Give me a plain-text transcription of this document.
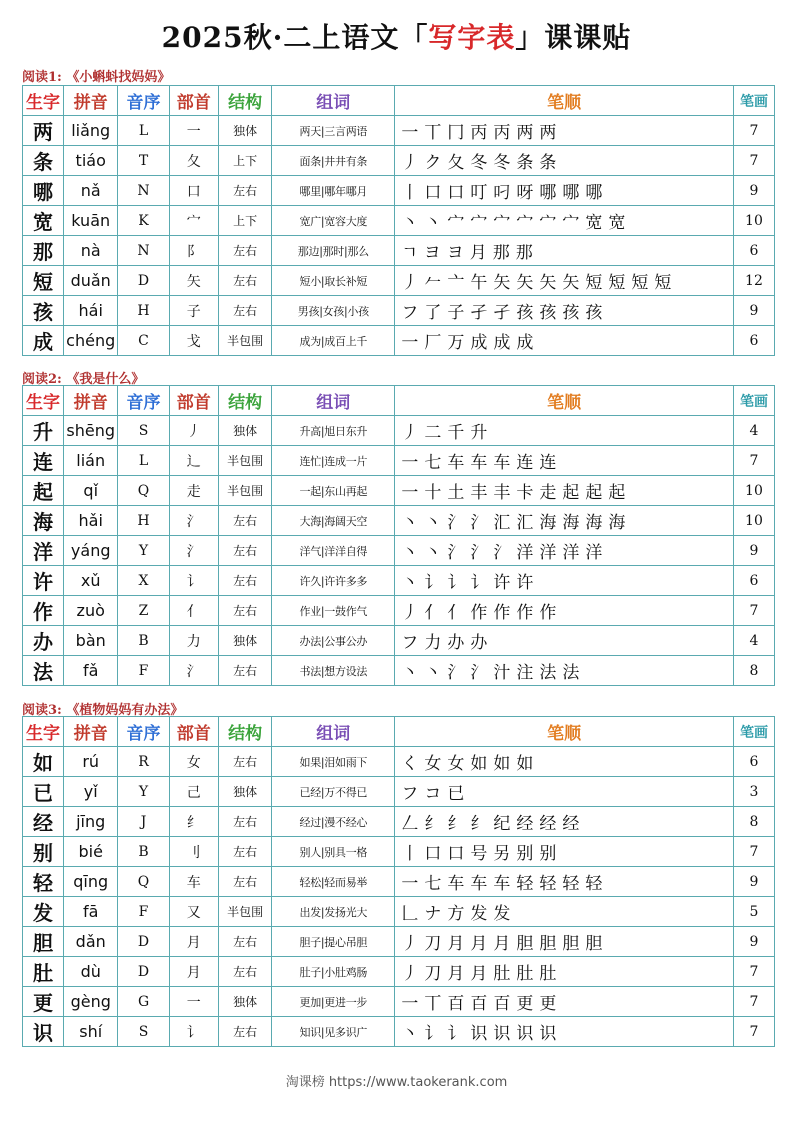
2025秋·二上语文「写字表」课课贴
阅读1: 《小蝌蚪找妈妈》
生字	拼音	音序	部首	结构	组词	笔顺	笔画
两	liǎng	L	一	独体	两天|三言两语	一 丅 冂 丙 丙 两 两	7
条	tiáo	T	夂	上下	面条|井井有条	丿 ク 夂 冬 冬 条 条	7
哪	nǎ	N	口	左右	哪里|哪年哪月	丨 口 口 叮 叼 呀 哪 哪 哪	9
宽	kuān	K	宀	上下	宽广|宽容大度	丶 丶 宀 宀 宀 宀 宀 宀 宽 宽	10
那	nà	N	阝	左右	那边|那时|那么	ㄱ ヨ ヨ 月 那 那	6
短	duǎn	D	矢	左右	短小|取长补短	丿 𠂉 亠 午 矢 矢 矢 矢 短 短 短 短	12
孩	hái	H	子	左右	男孩|女孩|小孩	フ 了 子 孑 孑 孩 孩 孩 孩	9
成	chéng	C	戈	半包围	成为|成百上千	一 厂 万 成 成 成	6
阅读2: 《我是什么》
生字	拼音	音序	部首	结构	组词	笔顺	笔画
升	shēng	S	丿	独体	升高|旭日东升	丿 二 千 升	4
连	lián	L	辶	半包围	连忙|连成一片	一 七 车 车 车 连 连	7
起	qǐ	Q	走	半包围	一起|东山再起	一 十 土 丰 丰 卡 走 起 起 起	10
海	hǎi	H	氵	左右	大海|海阔天空	丶 丶 氵 氵 汇 汇 海 海 海 海	10
洋	yáng	Y	氵	左右	洋气|洋洋自得	丶 丶 氵 氵 氵 洋 洋 洋 洋	9
许	xǔ	X	讠	左右	许久|许许多多	丶 讠 讠 讠 许 许	6
作	zuò	Z	亻	左右	作业|一鼓作气	丿 亻 亻 作 作 作 作	7
办	bàn	B	力	独体	办法|公事公办	フ 力 办 办	4
法	fǎ	F	氵	左右	书法|想方设法	丶 丶 氵 氵 汁 注 法 法	8
阅读3: 《植物妈妈有办法》
生字	拼音	音序	部首	结构	组词	笔顺	笔画
如	rú	R	女	左右	如果|泪如雨下	く 女 女 如 如 如	6
已	yǐ	Y	己	独体	已经|万不得已	フ コ 已	3
经	jīng	J	纟	左右	经过|漫不经心	𠃋 纟 纟 纟 纪 经 经 经	8
别	bié	B	刂	左右	别人|别具一格	丨 口 口 号 另 别 别	7
轻	qīng	Q	车	左右	轻松|轻而易举	一 七 车 车 车 轻 轻 轻 轻	9
发	fā	F	又	半包围	出发|发扬光大	𠃊 ナ 方 发 发	5
胆	dǎn	D	月	左右	胆子|提心吊胆	丿 刀 月 月 月 胆 胆 胆 胆	9
肚	dù	D	月	左右	肚子|小肚鸡肠	丿 刀 月 月 肚 肚 肚	7
更	gèng	G	一	独体	更加|更进一步	一 丅 百 百 百 更 更	7
识	shí	S	讠	左右	知识|见多识广	丶 讠 讠 识 识 识 识	7
淘课榜 https://www.taokerank.com
